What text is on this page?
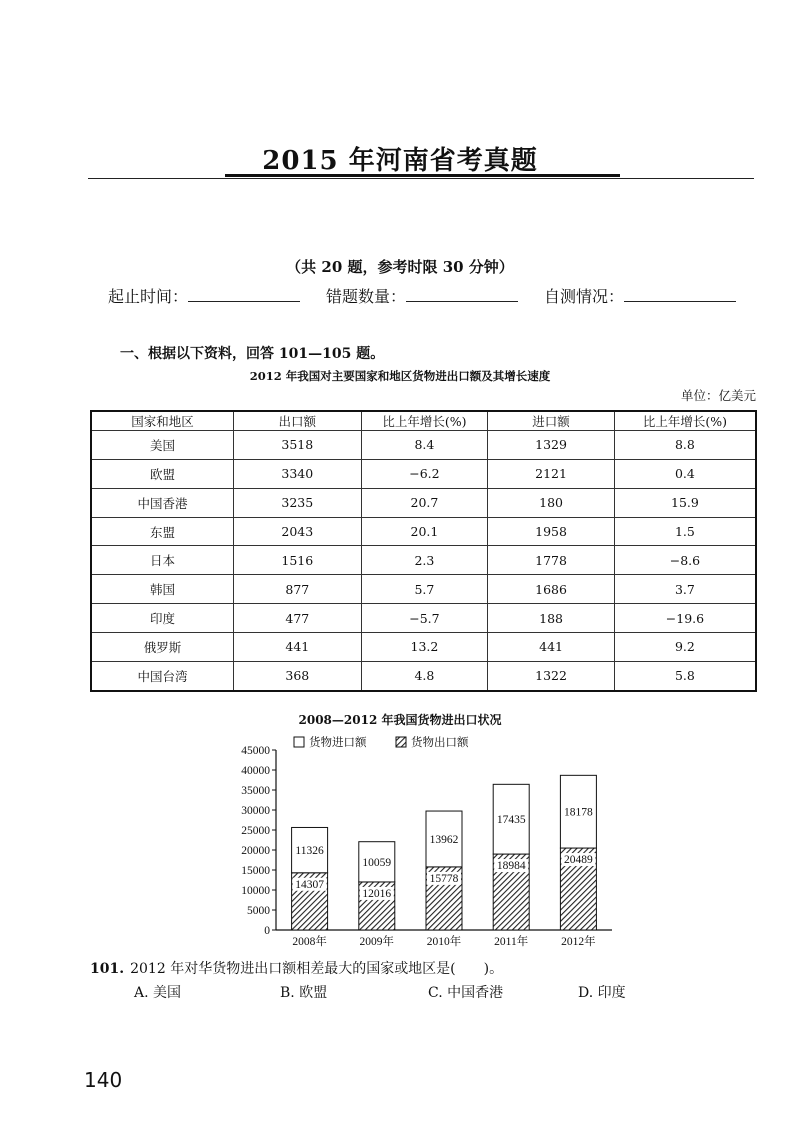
2015 年河南省考真题
（共 20 题，参考时限 30 分钟）
起止时间：	错题数量：	自测情况：
一、根据以下资料，回答 101—105 题。
2012 年我国对主要国家和地区货物进出口额及其增长速度
单位：亿美元
国家和地区	出口额	比上年增长(%)	进口额	比上年增长(%)
美国	3518	8.4	1329	8.8
欧盟	3340	−6.2	2121	0.4
中国香港	3235	20.7	180	15.9
东盟	2043	20.1	1958	1.5
日本	1516	2.3	1778	−8.6
韩国	877	5.7	1686	3.7
印度	477	−5.7	188	−19.6
俄罗斯	441	13.2	441	9.2
中国台湾	368	4.8	1322	5.8
2008—2012 年我国货物进出口状况
0
5000
10000
15000
20000
25000
30000
35000
40000
45000
14307
11326
2008年
12016
10059
2009年
15778
13962
2010年
18984
17435
2011年
20489
18178
2012年
货物进口额	货物出口额
101. 2012 年对华货物进出口额相差最大的国家或地区是(　　)。
A. 美国	B. 欧盟	C. 中国香港	D. 印度
140
